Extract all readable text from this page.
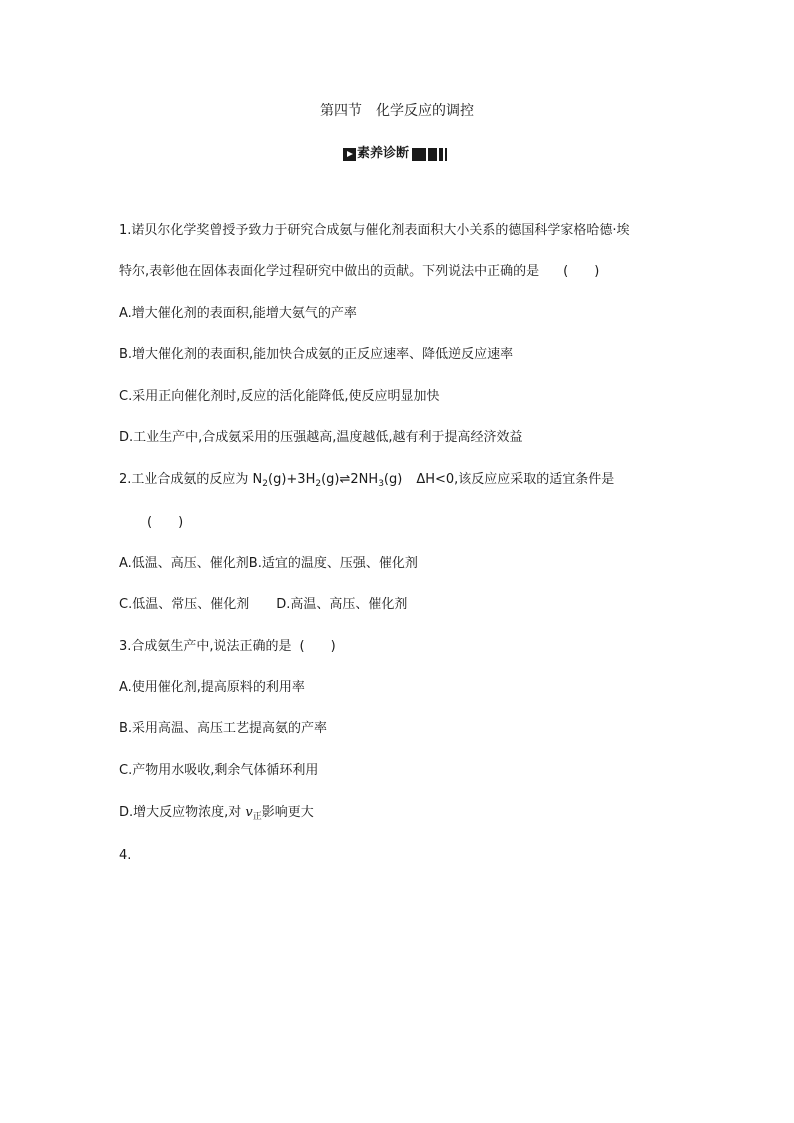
第四节　化学反应的调控
素养诊断
1.诺贝尔化学奖曾授予致力于研究合成氨与催化剂表面积大小关系的德国科学家格哈德·埃
特尔,表彰他在固体表面化学过程研究中做出的贡献。下列说法中正确的是 (　　)
A.增大催化剂的表面积,能增大氨气的产率
B.增大催化剂的表面积,能加快合成氨的正反应速率、降低逆反应速率
C.采用正向催化剂时,反应的活化能降低,使反应明显加快
D.工业生产中,合成氨采用的压强越高,温度越低,越有利于提高经济效益
2.工业合成氨的反应为 $N_2(g)+3H_2(g)\rightleftharpoons 2NH_3(g)$ ΔH<0,该反应应采取的适宜条件是
(　　)
A.低温、高压、催化剂B.适宜的温度、压强、催化剂
C.低温、常压、催化剂 D.高温、高压、催化剂
3.合成氨生产中,说法正确的是 (　　)
A.使用催化剂,提高原料的利用率
B.采用高温、高压工艺提高氨的产率
C.产物用水吸收,剩余气体循环利用
D.增大反应物浓度,对 $v_正$影响更大
4.
